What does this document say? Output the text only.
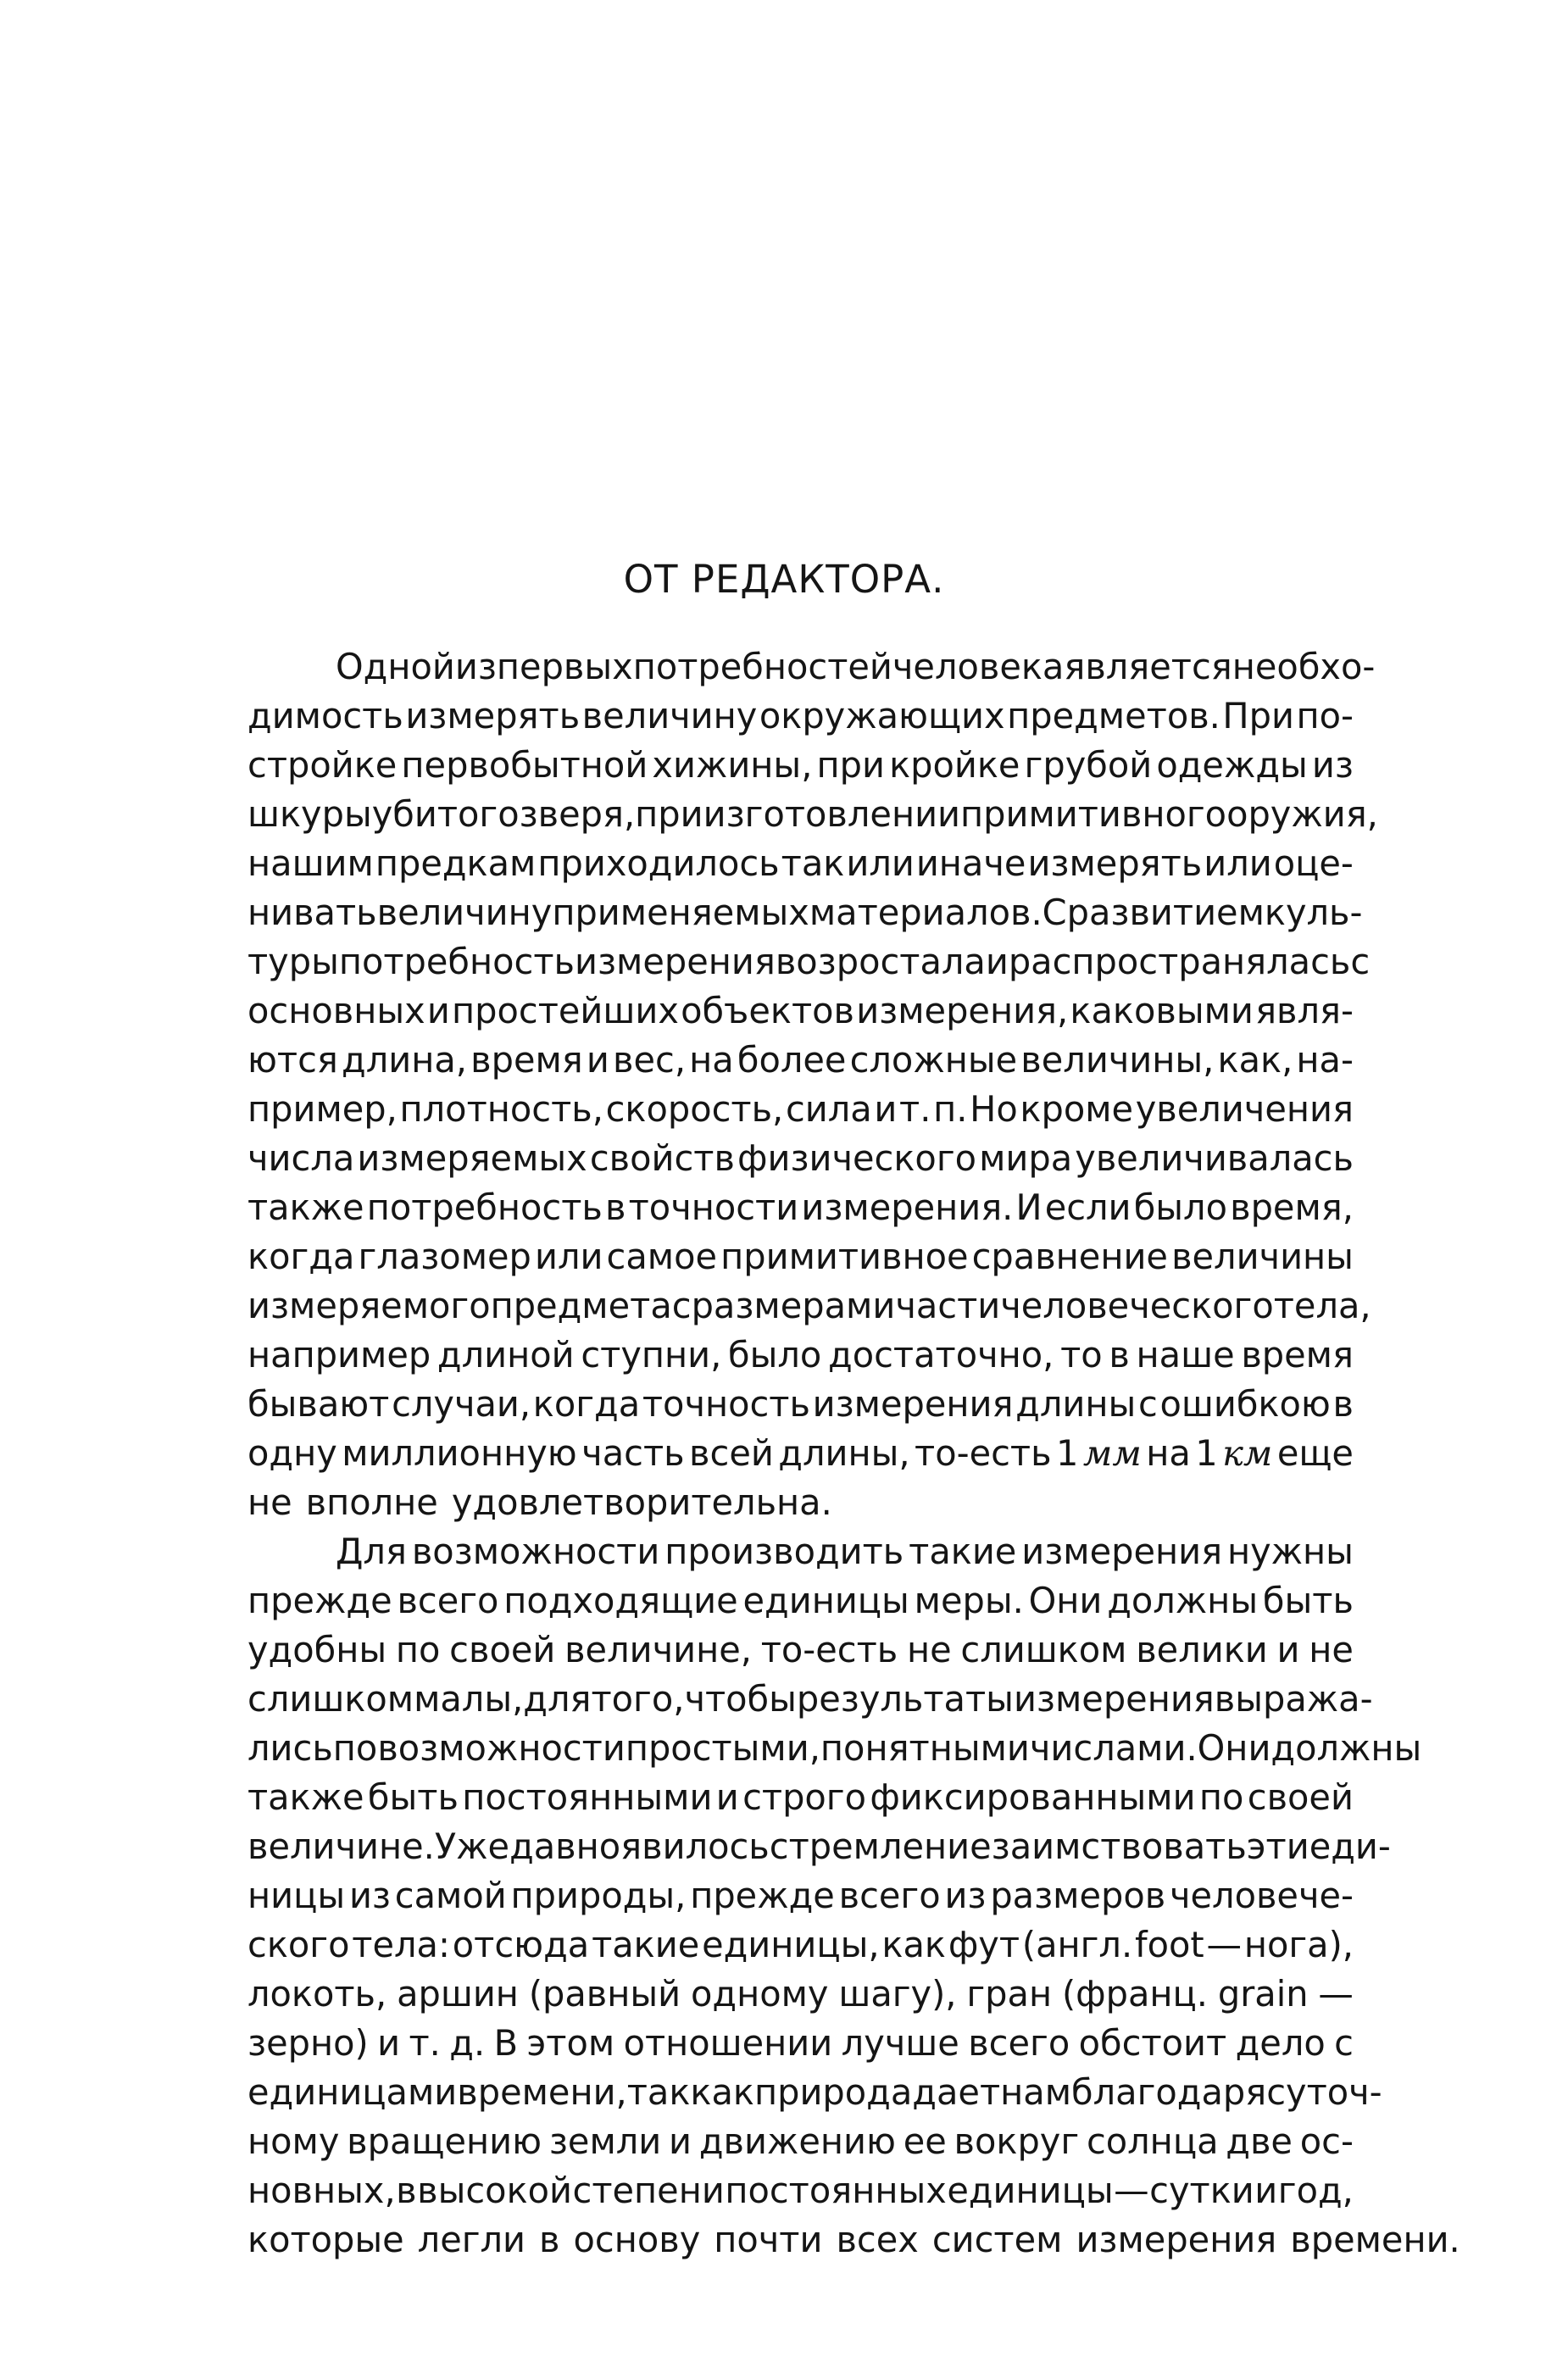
ОТ РЕДАКТОРА.
Одной из первых потребностей человека является необхо-
димость измерять величину окружающих предметов. При по-
стройке первобытной хижины, при кройке грубой одежды из
шкуры убитого зверя, при изготовлении примитивного оружия,
нашим предкам приходилось так или иначе измерять или оце-
нивать величину применяемых материалов. С развитием куль-
туры потребность измерения возростала и распространялась с
основных и простейших объектов измерения, каковыми явля-
ются длина, время и вес, на более сложные величины, как, на-
пример, плотность, скорость, сила и т. п. Но кроме увеличения
числа измеряемых свойств физического мира увеличивалась
также потребность в точности измерения. И если было время,
когда глазомер или самое примитивное сравнение величины
измеряемого предмета с размерами части человеческого тела,
например длиной ступни, было достаточно, то в наше время
бывают случаи, когда точность измерения длины с ошибкою в
одну миллионную часть всей длины, то-есть 1 мм на 1 км еще
не вполне удовлетворительна.
Для возможности производить такие измерения нужны
прежде всего подходящие единицы меры. Они должны быть
удобны по своей величине, то-есть не слишком велики и не
слишком малы, для того, чтобы результаты измерения выража-
лись по возможности простыми, понятными числами. Они должны
также быть постоянными и строго фиксированными по своей
величине. Уже давно явилось стремление заимствовать эти еди-
ницы из самой природы, прежде всего из размеров человече-
ского тела: отсюда такие единицы, как фут (англ. foot — нога),
локоть, аршин (равный одному шагу), гран (франц. grain —
зерно) и т. д. В этом отношении лучше всего обстоит дело с
единицами времени, так как природа дает нам благодаря суточ-
ному вращению земли и движению ее вокруг солнца две ос-
новных, в высокой степени постоянных единицы — сутки и год,
которые легли в основу почти всех систем измерения времени.
